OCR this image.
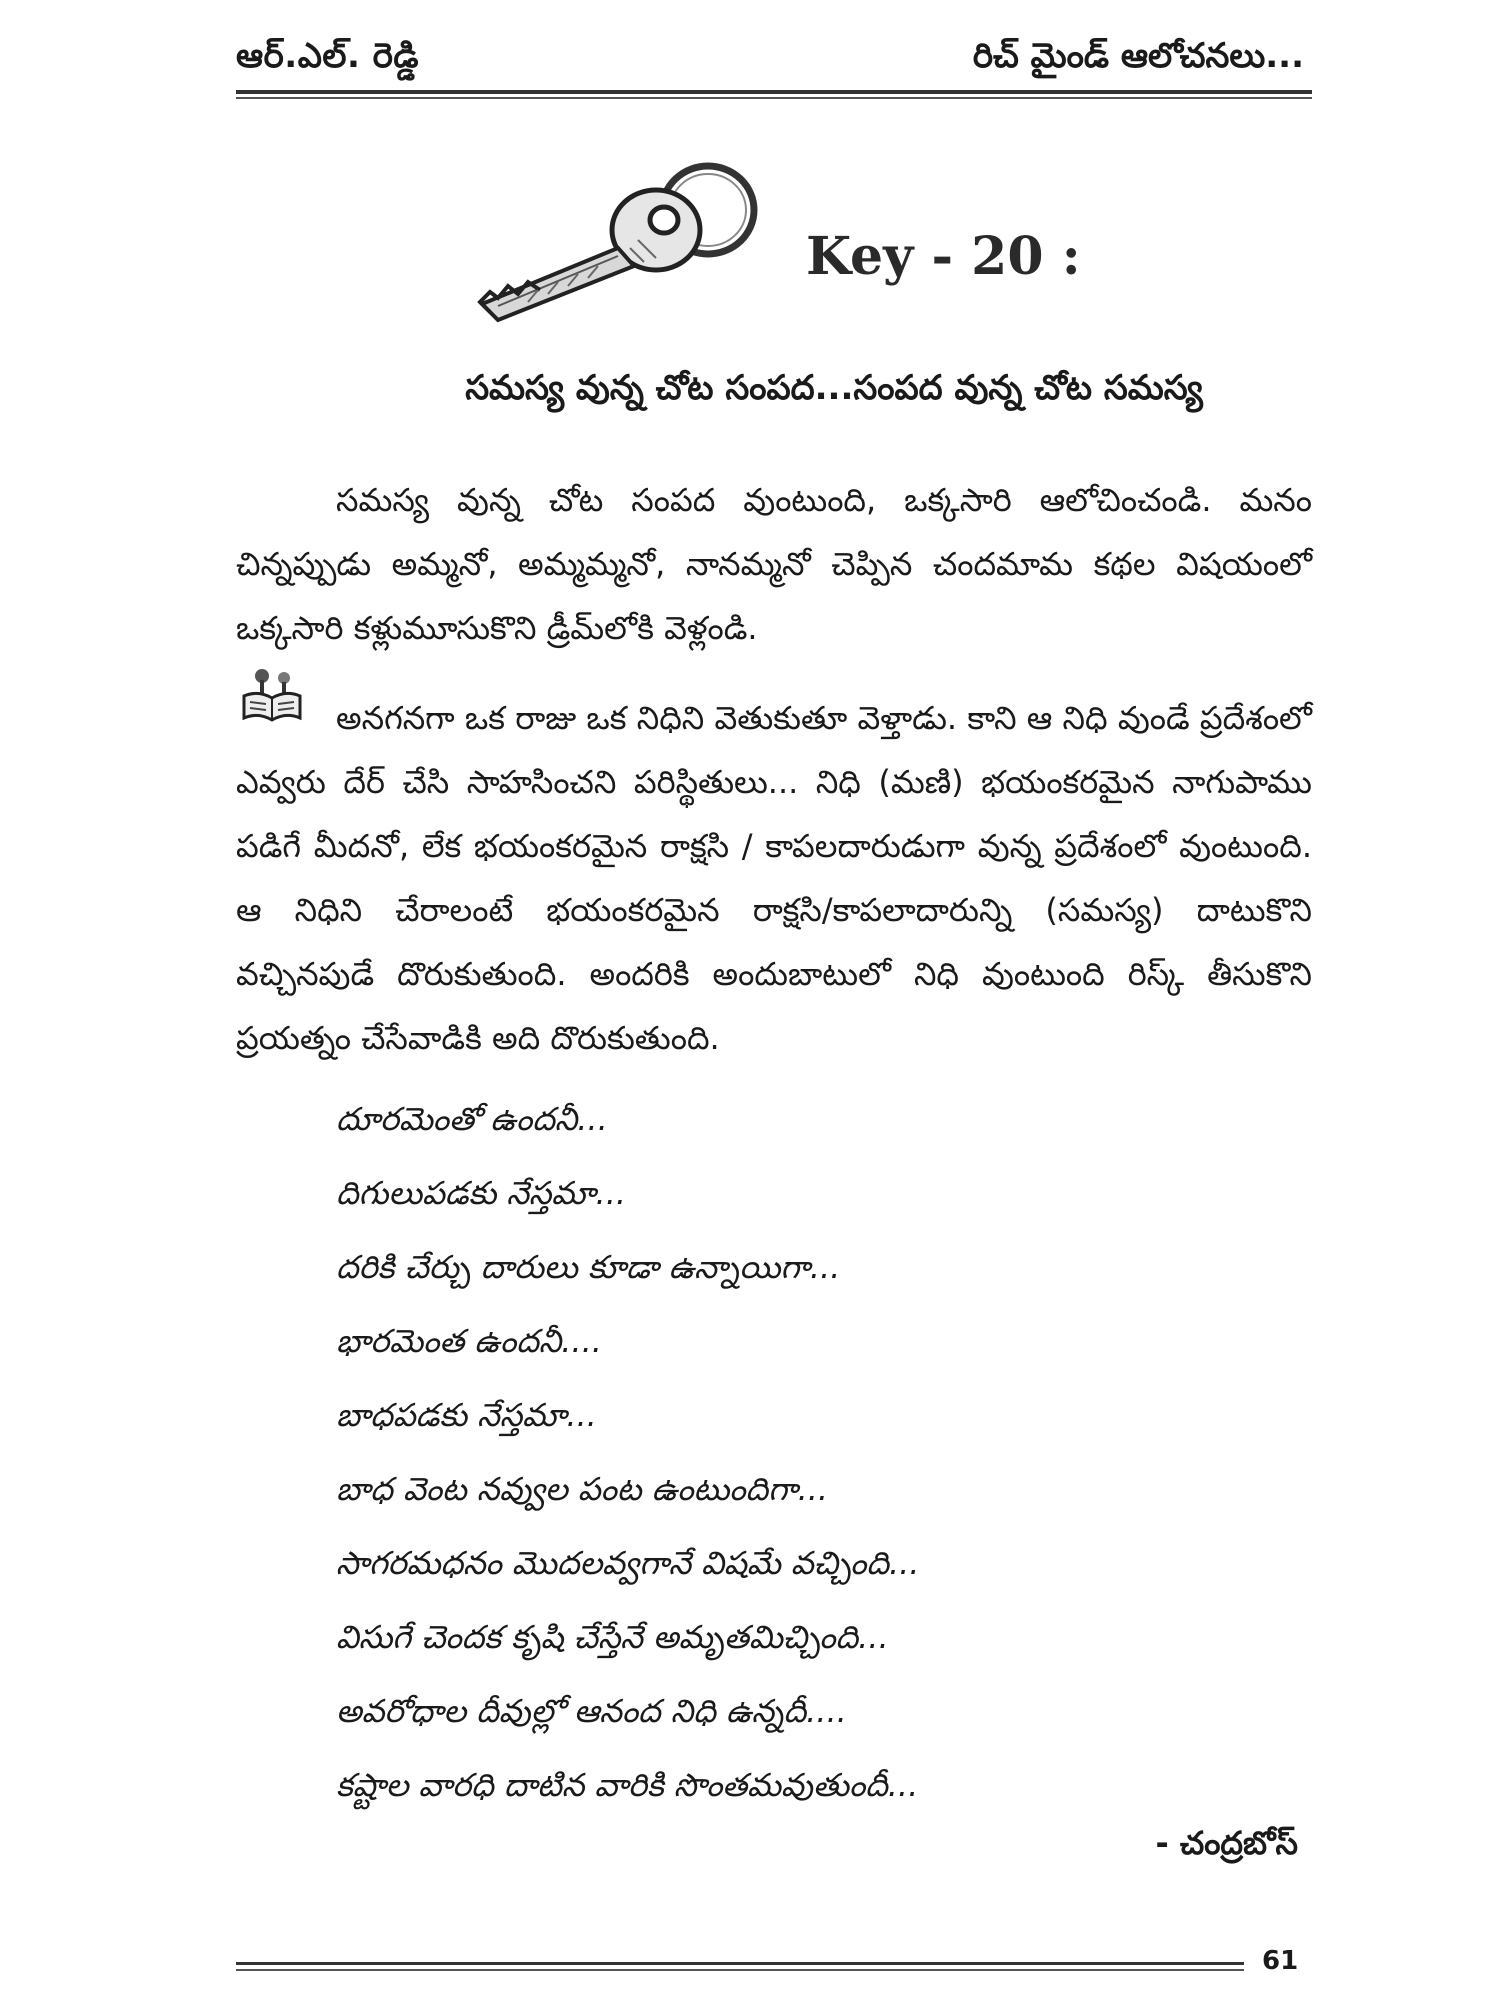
ఆర్.ఎల్. రెడ్డి	రిచ్ మైండ్ ఆలోచనలు...
Key - 20 :
సమస్య వున్న చోట సంపద...సంపద వున్న చోట సమస్య

సమస్య వున్న చోట సంపద వుంటుంది, ఒక్కసారి ఆలోచించండి. మనం చిన్నప్పుడు అమ్మనో, అమ్మమ్మనో, నానమ్మనో చెప్పిన చందమామ కథల విషయంలో ఒక్కసారి కళ్లుమూసుకొని డ్రీమ్‌లోకి వెళ్లండి.

అనగనగా ఒక రాజు ఒక నిధిని వెతుకుతూ వెళ్తాడు. కాని ఆ నిధి వుండే ప్రదేశంలో ఎవ్వరు దేర్ చేసి సాహసించని పరిస్థితులు... నిధి (మణి) భయంకరమైన నాగుపాము పడిగే మీదనో, లేక భయంకరమైన రాక్షసి / కాపలదారుడుగా వున్న ప్రదేశంలో వుంటుంది. ఆ నిధిని చేరాలంటే భయంకరమైన రాక్షసి/కాపలాదారున్ని (సమస్య) దాటుకొని వచ్చినపుడే దొరుకుతుంది. అందరికి అందుబాటులో నిధి వుంటుంది రిస్క్ తీసుకొని ప్రయత్నం చేసేవాడికి అది దొరుకుతుంది.

దూరమెంతో ఉందనీ...
దిగులుపడకు నేస్తమా...
దరికి చేర్చు దారులు కూడా ఉన్నాయిగా...
భారమెంత ఉందనీ....
బాధపడకు నేస్తమా...
బాధ వెంట నవ్వుల పంట ఉంటుందిగా...
సాగరమధనం మొదలవ్వగానే విషమే వచ్చింది...
విసుగే చెందక కృషి చేస్తేనే అమృతమిచ్చింది...
అవరోధాల దీవుల్లో ఆనంద నిధి ఉన్నదీ....
కష్టాల వారధి దాటిన వారికి సొంతమవుతుందీ...
- చంద్రబోస్
61
